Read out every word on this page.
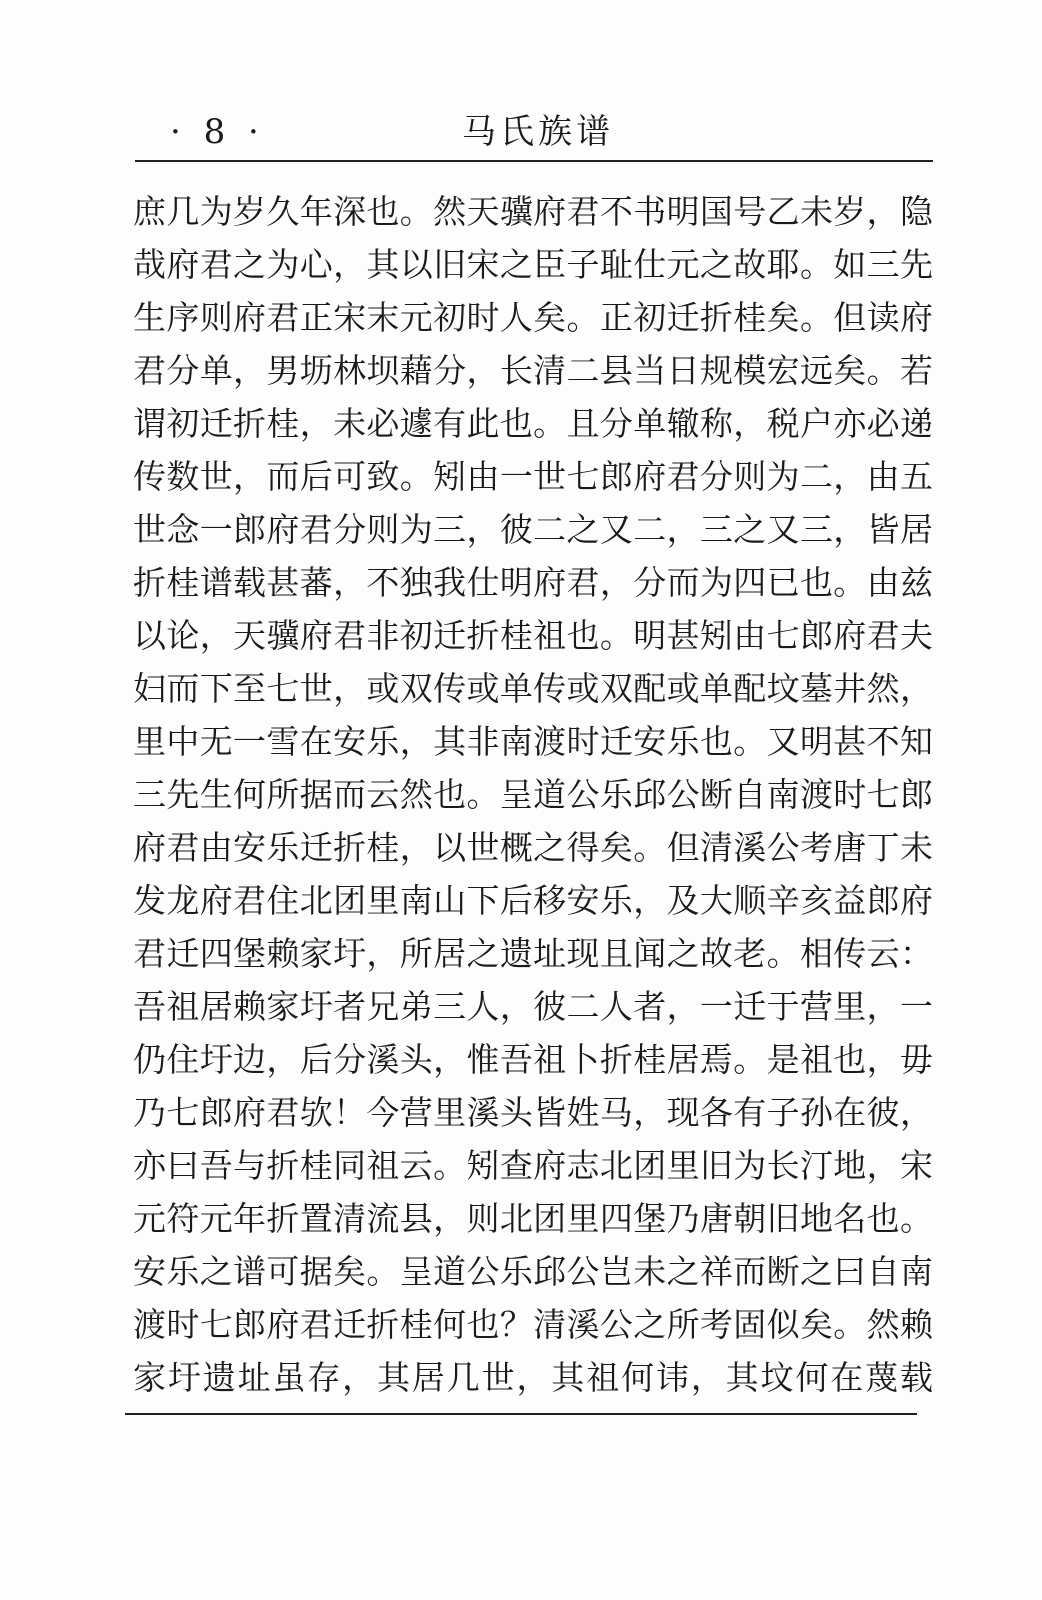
· 8 ·	马氏族谱
庶几为岁久年深也。然天骥府君不书明国号乙未岁，隐
哉府君之为心，其以旧宋之臣子耻仕元之故耶。如三先
生序则府君正宋末元初时人矣。正初迁折桂矣。但读府
君分单，男坜林坝藉分，长清二县当日规模宏远矣。若
谓初迁折桂，未必遽有此也。且分单辙称，税户亦必递
传数世，而后可致。矧由一世七郎府君分则为二，由五
世念一郎府君分则为三，彼二之又二，三之又三，皆居
折桂谱载甚蕃，不独我仕明府君，分而为四已也。由兹
以论，天骥府君非初迁折桂祖也。明甚矧由七郎府君夫
妇而下至七世，或双传或单传或双配或单配坟墓井然，
里中无一雪在安乐，其非南渡时迁安乐也。又明甚不知
三先生何所据而云然也。呈道公乐邱公断自南渡时七郎
府君由安乐迁折桂，以世概之得矣。但清溪公考唐丁未
发龙府君住北团里南山下后移安乐，及大顺辛亥益郎府
君迁四堡赖家圩，所居之遗址现且闻之故老。相传云：
吾祖居赖家圩者兄弟三人，彼二人者，一迁于营里，一
仍住圩边，后分溪头，惟吾祖卜折桂居焉。是祖也，毋
乃七郎府君欤！今营里溪头皆姓马，现各有子孙在彼，
亦曰吾与折桂同祖云。矧查府志北团里旧为长汀地，宋
元符元年折置清流县，则北团里四堡乃唐朝旧地名也。
安乐之谱可据矣。呈道公乐邱公岂未之祥而断之曰自南
渡时七郎府君迁折桂何也？清溪公之所考固似矣。然赖
家圩遗址虽存，其居几世，其祖何讳，其坟何在蔑载
